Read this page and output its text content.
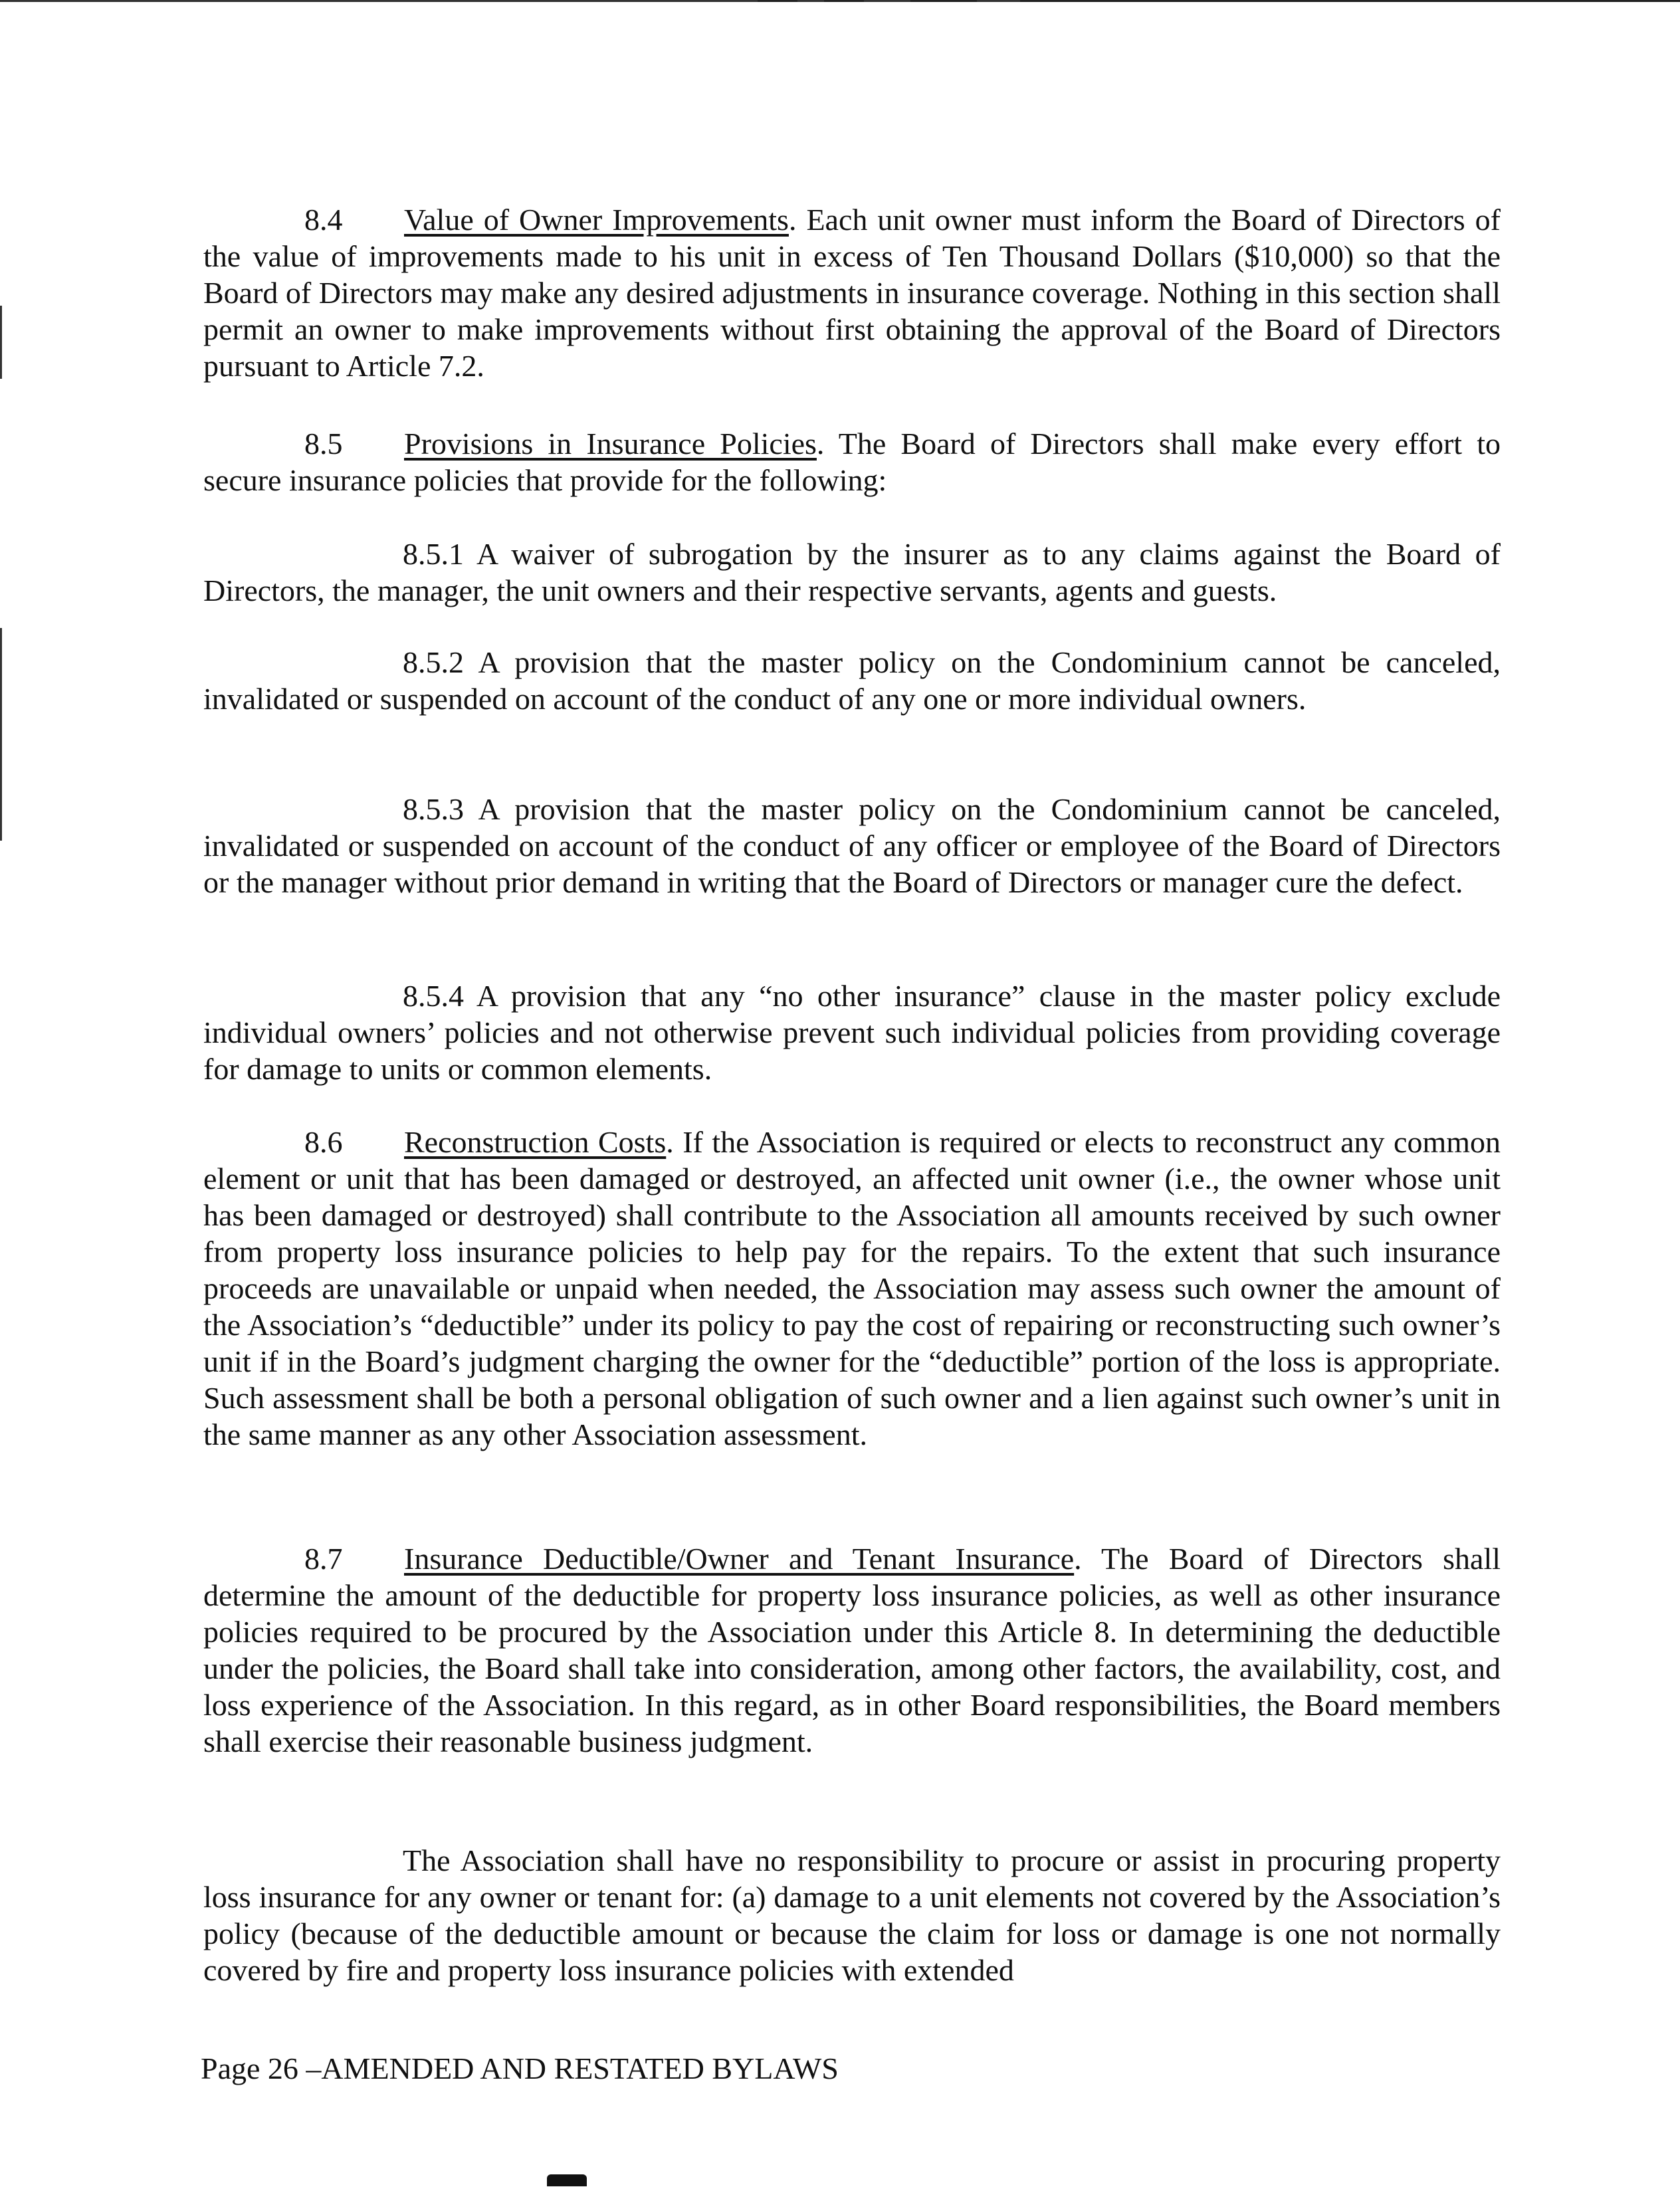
8.4 Value of Owner Improvements. Each unit owner must inform the Board of Directors of the value of improvements made to his unit in excess of Ten Thousand Dollars ($10,000) so that the Board of Directors may make any desired adjustments in insurance coverage. Nothing in this section shall permit an owner to make improvements without first obtaining the approval of the Board of Directors pursuant to Article 7.2.

8.5 Provisions in Insurance Policies. The Board of Directors shall make every effort to secure insurance policies that provide for the following:

8.5.1 A waiver of subrogation by the insurer as to any claims against the Board of Directors, the manager, the unit owners and their respective servants, agents and guests.

8.5.2 A provision that the master policy on the Condominium cannot be canceled, invalidated or suspended on account of the conduct of any one or more individual owners.

8.5.3 A provision that the master policy on the Condominium cannot be canceled, invalidated or suspended on account of the conduct of any officer or employee of the Board of Directors or the manager without prior demand in writing that the Board of Directors or manager cure the defect.

8.5.4 A provision that any “no other insurance” clause in the master policy exclude individual owners’ policies and not otherwise prevent such individual policies from providing coverage for damage to units or common elements.

8.6 Reconstruction Costs. If the Association is required or elects to reconstruct any common element or unit that has been damaged or destroyed, an affected unit owner (i.e., the owner whose unit has been damaged or destroyed) shall contribute to the Association all amounts received by such owner from property loss insurance policies to help pay for the repairs. To the extent that such insurance proceeds are unavailable or unpaid when needed, the Association may assess such owner the amount of the Association’s “deductible” under its policy to pay the cost of repairing or reconstructing such owner’s unit if in the Board’s judgment charging the owner for the “deductible” portion of the loss is appropriate. Such assessment shall be both a personal obligation of such owner and a lien against such owner’s unit in the same manner as any other Association assessment.

8.7 Insurance Deductible/Owner and Tenant Insurance. The Board of Directors shall determine the amount of the deductible for property loss insurance policies, as well as other insurance policies required to be procured by the Association under this Article 8. In determining the deductible under the policies, the Board shall take into consideration, among other factors, the availability, cost, and loss experience of the Association. In this regard, as in other Board responsibilities, the Board members shall exercise their reasonable business judgment.

The Association shall have no responsibility to procure or assist in procuring property loss insurance for any owner or tenant for: (a) damage to a unit elements not covered by the Association’s policy (because of the deductible amount or because the claim for loss or damage is one not normally covered by fire and property loss insurance policies with extended

Page 26 –AMENDED AND RESTATED BYLAWS
